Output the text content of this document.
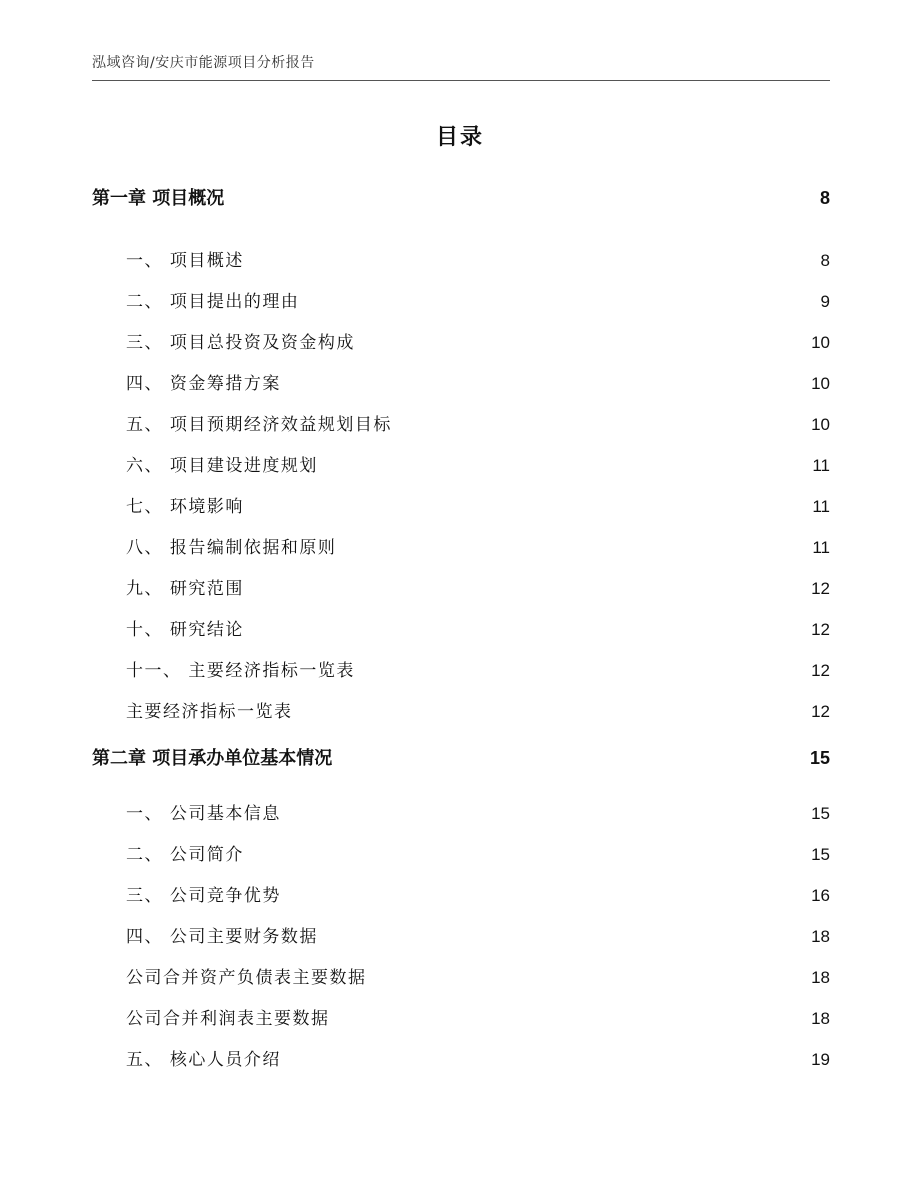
泓域咨询/安庆市能源项目分析报告
目录
第一章 项目概况	8
一、 项目概述	8
二、 项目提出的理由	9
三、 项目总投资及资金构成	10
四、 资金筹措方案	10
五、 项目预期经济效益规划目标	10
六、 项目建设进度规划	11
七、 环境影响	11
八、 报告编制依据和原则	11
九、 研究范围	12
十、 研究结论	12
十一、 主要经济指标一览表	12
主要经济指标一览表	12
第二章 项目承办单位基本情况	15
一、 公司基本信息	15
二、 公司简介	15
三、 公司竞争优势	16
四、 公司主要财务数据	18
公司合并资产负债表主要数据	18
公司合并利润表主要数据	18
五、 核心人员介绍	19
